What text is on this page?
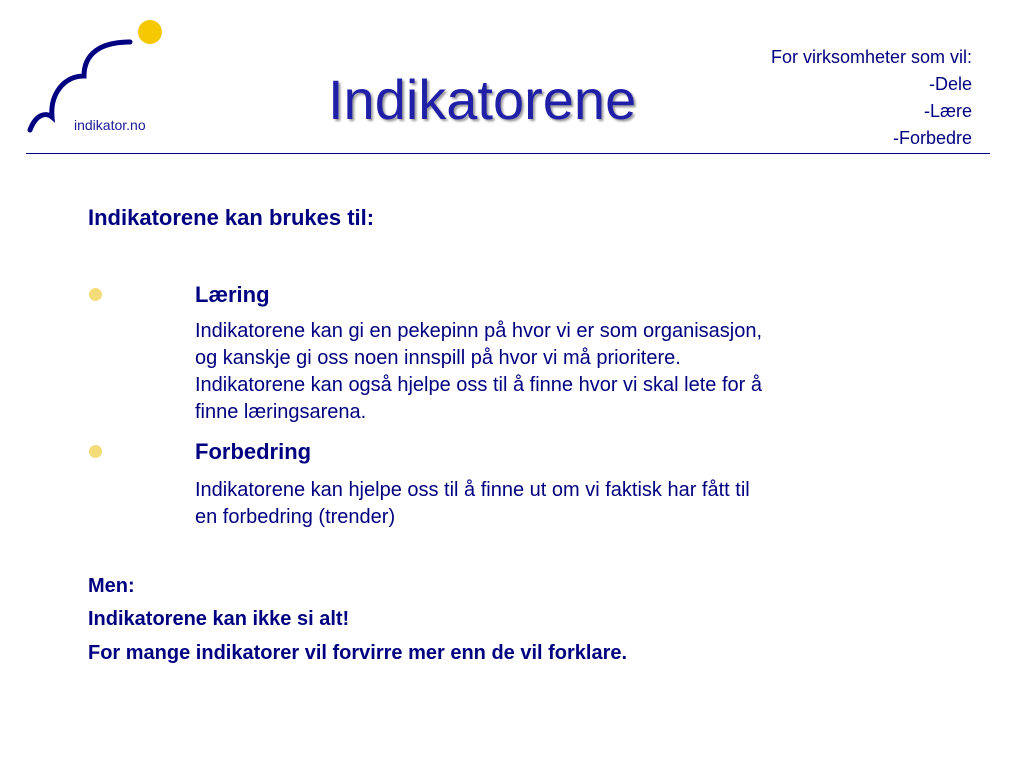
indikator.no	Indikatorene
For virksomheter som vil:
-Dele
-Lære
-Forbedre
Indikatorene kan brukes til:
Læring
Indikatorene kan gi en pekepinn på hvor vi er som organisasjon,
og kanskje gi oss noen innspill på hvor vi må prioritere.
Indikatorene kan også hjelpe oss til å finne hvor vi skal lete for å
finne læringsarena.
Forbedring
Indikatorene kan hjelpe oss til å finne ut om vi faktisk har fått til
en forbedring (trender)
Men:
Indikatorene kan ikke si alt!
For mange indikatorer vil forvirre mer enn de vil forklare.
